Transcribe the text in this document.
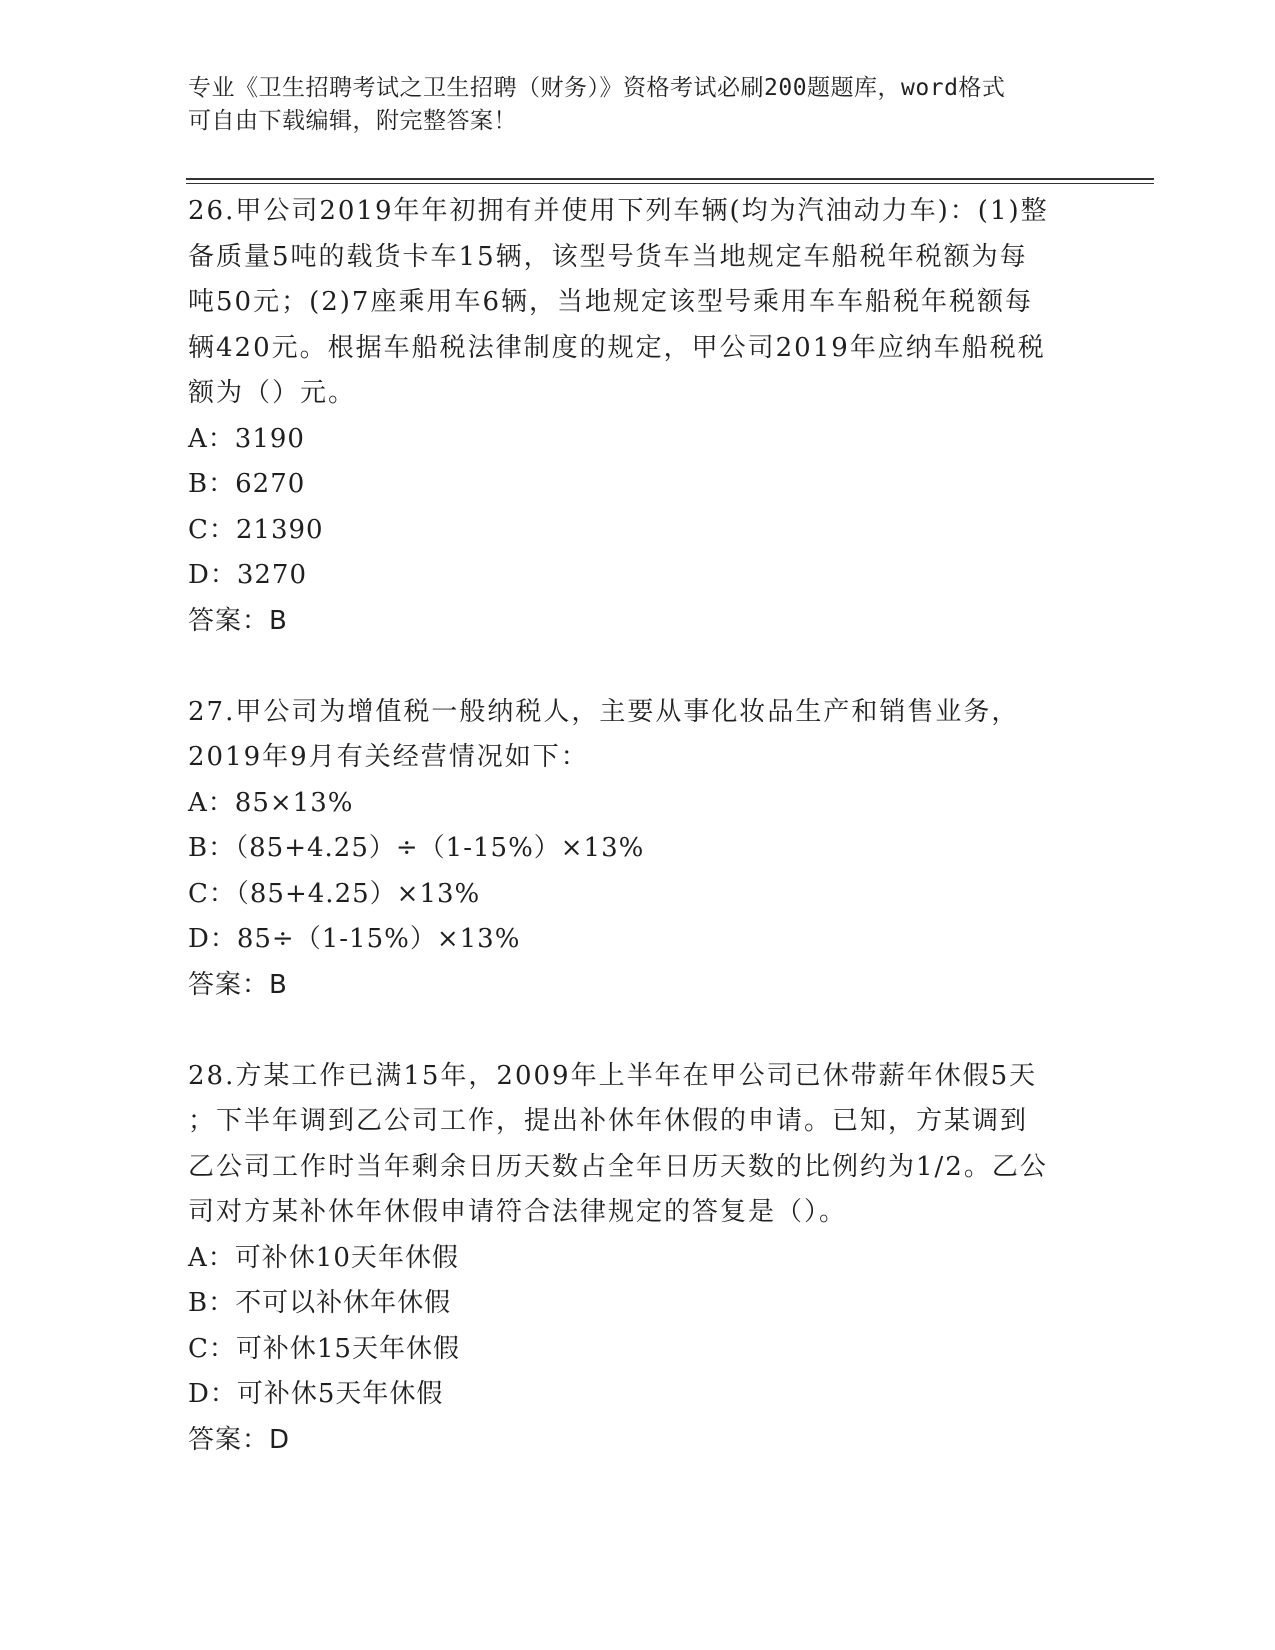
专业《卫生招聘考试之卫生招聘（财务）》资格考试必刷200题题库，word格式
可自由下载编辑，附完整答案！
26.甲公司2019年年初拥有并使用下列车辆(均为汽油动力车)：(1)整
备质量5吨的载货卡车15辆，该型号货车当地规定车船税年税额为每
吨50元；(2)7座乘用车6辆，当地规定该型号乘用车车船税年税额每
辆420元。根据车船税法律制度的规定，甲公司2019年应纳车船税税
额为（）元。
A：3190
B：6270
C：21390
D：3270
答案：B
27.甲公司为增值税一般纳税人，主要从事化妆品生产和销售业务，
2019年9月有关经营情况如下：
A：85×13%
B：（85+4.25）÷（1-15%）×13%
C：（85+4.25）×13%
D：85÷（1-15%）×13%
答案：B
28.方某工作已满15年，2009年上半年在甲公司已休带薪年休假5天
；下半年调到乙公司工作，提出补休年休假的申请。已知，方某调到
乙公司工作时当年剩余日历天数占全年日历天数的比例约为1/2。乙公
司对方某补休年休假申请符合法律规定的答复是（）。
A：可补休10天年休假
B：不可以补休年休假
C：可补休15天年休假
D：可补休5天年休假
答案：D
